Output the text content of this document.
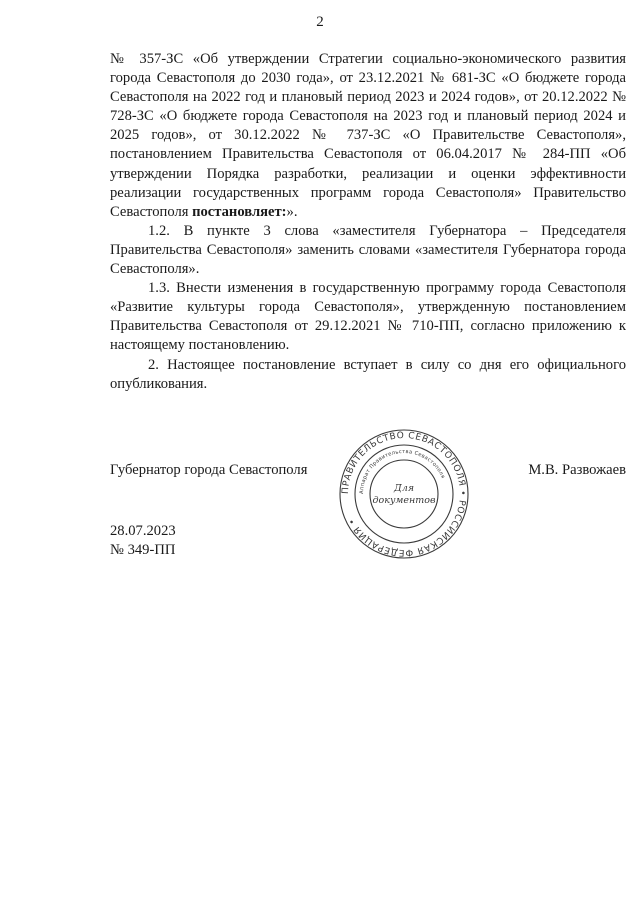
2

№ 357-ЗС «Об утверждении Стратегии социально-экономического развития города Севастополя до 2030 года», от 23.12.2021 № 681-ЗС «О бюджете города Севастополя на 2022 год и плановый период 2023 и 2024 годов», от 20.12.2022 № 728-ЗС «О бюджете города Севастополя на 2023 год и плановый период 2024 и 2025 годов», от 30.12.2022 № 737-ЗС «О Правительстве Севастополя», постановлением Правительства Севастополя от 06.04.2017 № 284-ПП «Об утверждении Порядка разработки, реализации и оценки эффективности реализации государственных программ города Севастополя» Правительство Севастополя постановляет:».

1.2. В пункте 3 слова «заместителя Губернатора – Председателя Правительства Севастополя» заменить словами «заместителя Губернатора города Севастополя».

1.3. Внести изменения в государственную программу города Севастополя «Развитие культуры города Севастополя», утвержденную постановлением Правительства Севастополя от 29.12.2021 № 710-ПП, согласно приложению к настоящему постановлению.

2. Настоящее постановление вступает в силу со дня его официального опубликования.

Губернатор города Севастополя	М.В. Развожаев
ПРАВИТЕЛЬСТВО СЕВАСТОПОЛЯ • РОССИЙСКАЯ ФЕДЕРАЦИЯ •
Аппарат Правительства Севастополя
Для
документов
28.07.2023
№ 349-ПП
